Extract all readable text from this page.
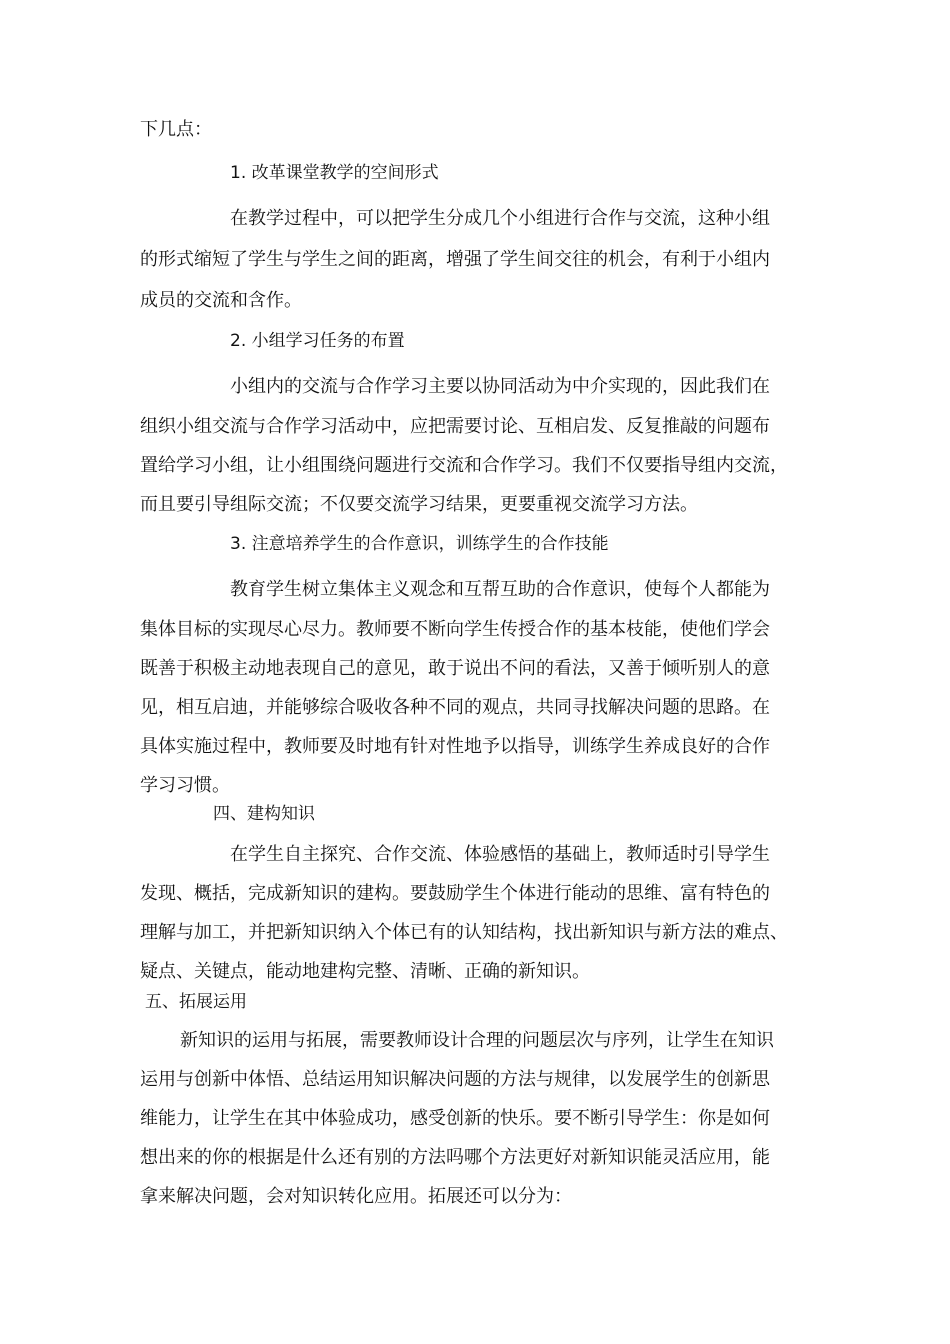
下几点：
1. 改革课堂教学的空间形式
在教学过程中，可以把学生分成几个小组进行合作与交流，这种小组
的形式缩短了学生与学生之间的距离，增强了学生间交往的机会，有利于小组内
成员的交流和含作。
2. 小组学习任务的布置
小组内的交流与合作学习主要以协同活动为中介实现的，因此我们在
组织小组交流与合作学习活动中，应把需要讨论、互相启发、反复推敲的问题布
置给学习小组，让小组围绕问题进行交流和合作学习。我们不仅要指导组内交流，
而且要引导组际交流；不仅要交流学习结果，更要重视交流学习方法。
3. 注意培养学生的合作意识，训练学生的合作技能
教育学生树立集体主义观念和互帮互助的合作意识，使每个人都能为
集体目标的实现尽心尽力。教师要不断向学生传授合作的基本枝能，使他们学会
既善于积极主动地表现自己的意见，敢于说出不问的看法，又善于倾听别人的意
见，相互启迪，并能够综合吸收各种不同的观点，共同寻找解决问题的思路。在
具体实施过程中，教师要及时地有针对性地予以指导，训练学生养成良好的合作
学习习惯。
四、建构知识
在学生自主探究、合作交流、体验感悟的基础上，教师适时引导学生
发现、概括，完成新知识的建构。要鼓励学生个体进行能动的思维、富有特色的
理解与加工，并把新知识纳入个体已有的认知结构，找出新知识与新方法的难点、
疑点、关键点，能动地建构完整、清晰、正确的新知识。
五、拓展运用
新知识的运用与拓展，需要教师设计合理的问题层次与序列，让学生在知识
运用与创新中体悟、总结运用知识解决问题的方法与规律，以发展学生的创新思
维能力，让学生在其中体验成功，感受创新的快乐。要不断引导学生：你是如何
想出来的你的根据是什么还有别的方法吗哪个方法更好对新知识能灵活应用，能
拿来解决问题，会对知识转化应用。拓展还可以分为：
